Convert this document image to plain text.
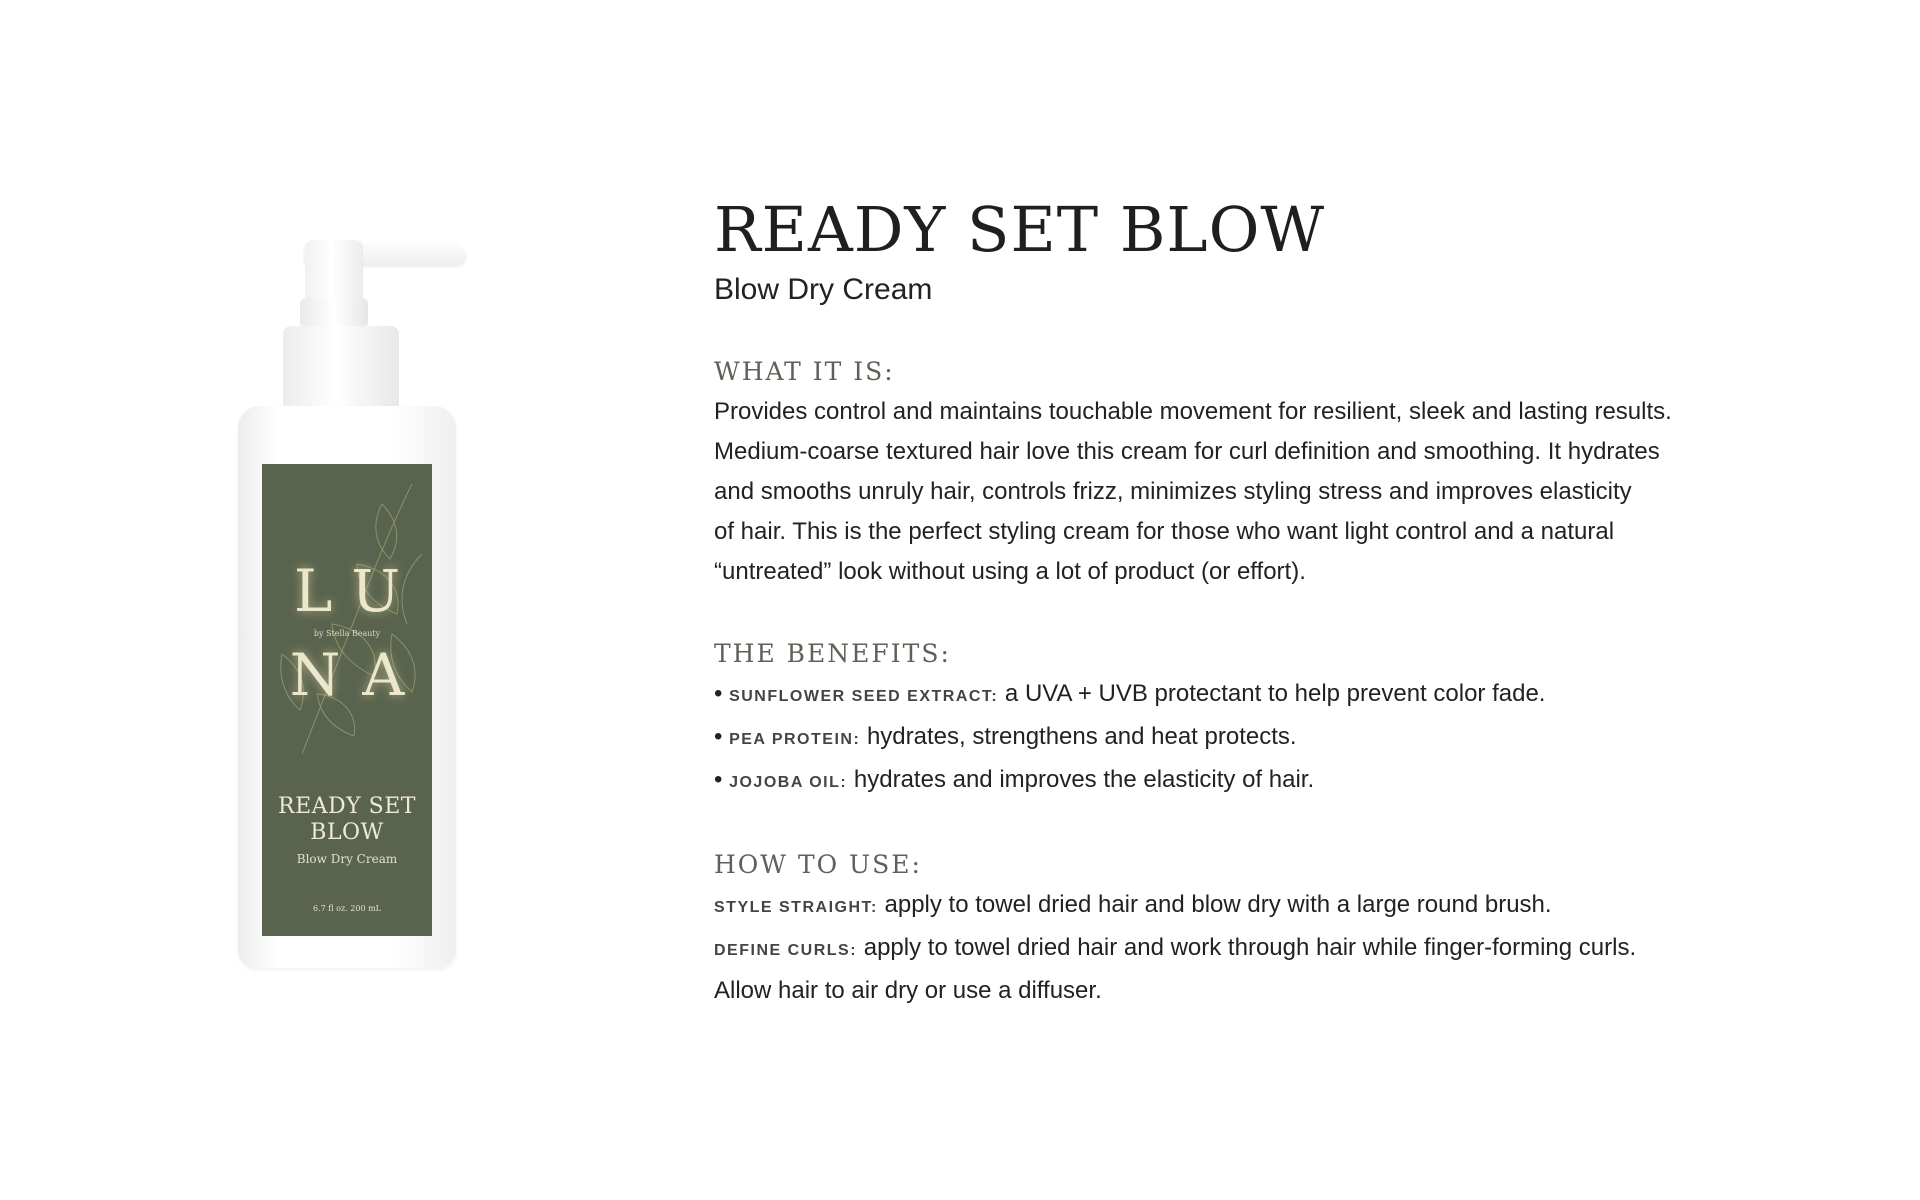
LU
by Stella Beauty
NA
READY SET
BLOW
Blow Dry Cream
6.7 fl oz. 200 mL
READY SET BLOW

Blow Dry Cream

WHAT IT IS:

Provides control and maintains touchable movement for resilient, sleek and lasting results.
Medium-coarse textured hair love this cream for curl definition and smoothing. It hydrates
and smooths unruly hair, controls frizz, minimizes styling stress and improves elasticity
of hair. This is the perfect styling cream for those who want light control and a natural
“untreated” look without using a lot of product (or effort).

THE BENEFITS:
• SUNFLOWER SEED EXTRACT: a UVA + UVB protectant to help prevent color fade.
• PEA PROTEIN: hydrates, strengthens and heat protects.
• JOJOBA OIL: hydrates and improves the elasticity of hair.
HOW TO USE:
STYLE STRAIGHT: apply to towel dried hair and blow dry with a large round brush.
DEFINE CURLS: apply to towel dried hair and work through hair while finger-forming curls.
Allow hair to air dry or use a diffuser.
